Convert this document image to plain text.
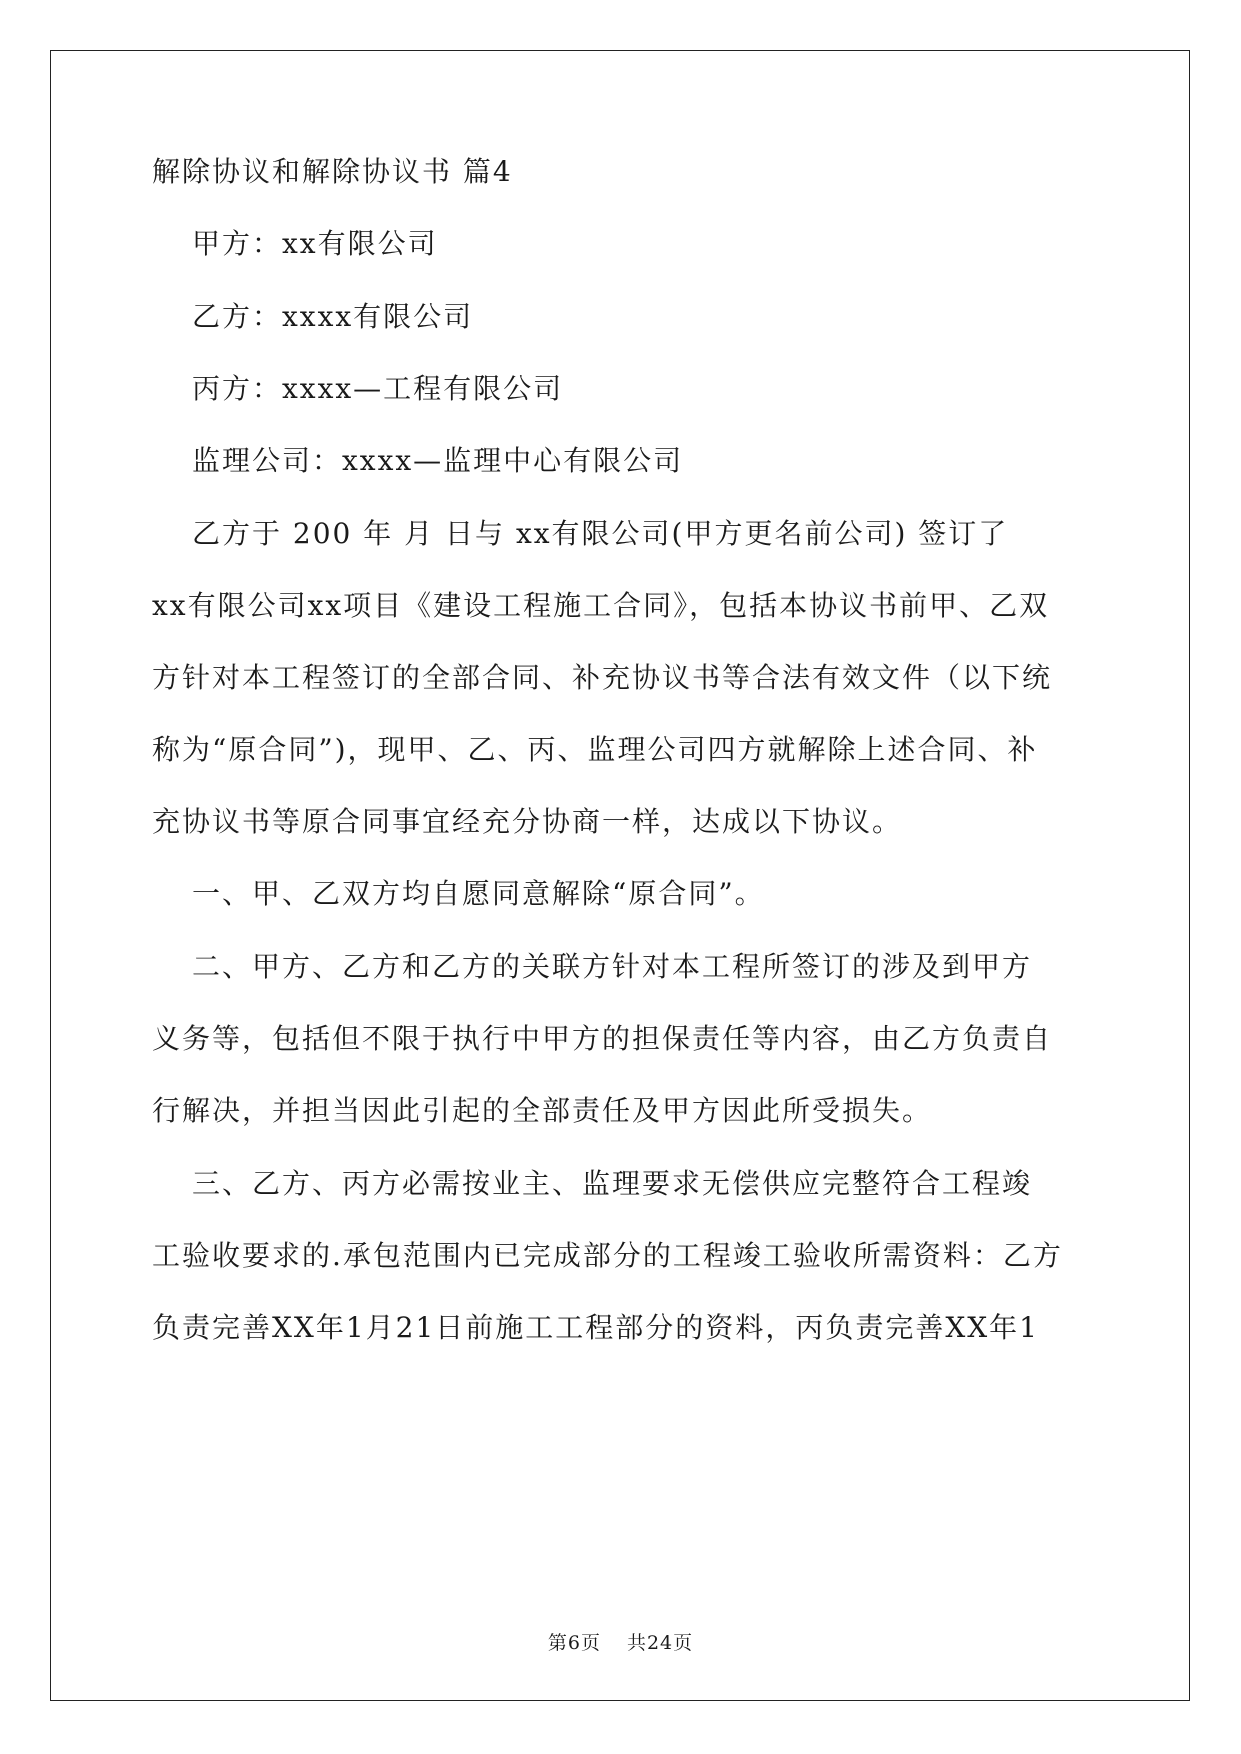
解除协议和解除协议书 篇4
甲方：xx有限公司
乙方：xxxx有限公司
丙方：xxxx—工程有限公司
监理公司：xxxx—监理中心有限公司
乙方于 200 年 月 日与 xx有限公司(甲方更名前公司) 签订了
xx有限公司xx项目《建设工程施工合同》，包括本协议书前甲、乙双
方针对本工程签订的全部合同、补充协议书等合法有效文件（以下统
称为“原合同”)，现甲、乙、丙、监理公司四方就解除上述合同、补
充协议书等原合同事宜经充分协商一样，达成以下协议。
一、甲、乙双方均自愿同意解除“原合同”。
二、甲方、乙方和乙方的关联方针对本工程所签订的涉及到甲方
义务等，包括但不限于执行中甲方的担保责任等内容，由乙方负责自
行解决，并担当因此引起的全部责任及甲方因此所受损失。
三、乙方、丙方必需按业主、监理要求无偿供应完整符合工程竣
工验收要求的.承包范围内已完成部分的工程竣工验收所需资料：乙方
负责完善XX年1月21日前施工工程部分的资料，丙负责完善XX年1
第6页 共24页
